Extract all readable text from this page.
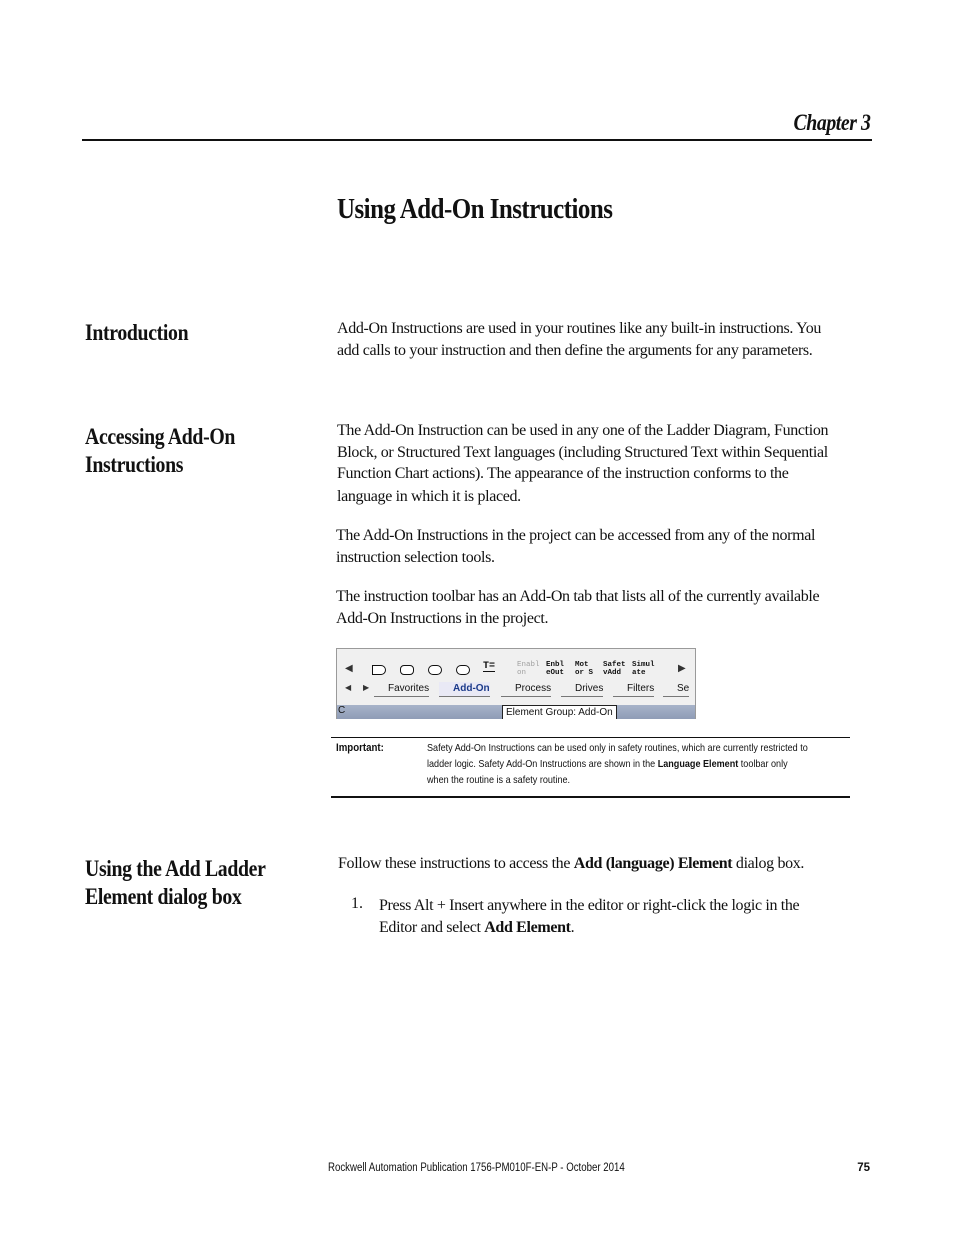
Chapter 3
Using Add-On Instructions
Introduction	Add-On Instructions are used in your routines like any built-in instructions. You
add calls to your instruction and then define the arguments for any parameters.
Accessing Add-On
Instructions
The Add-On Instruction can be used in any one of the Ladder Diagram, Function
Block, or Structured Text languages (including Structured Text within Sequential
Function Chart actions). The appearance of the instruction conforms to the
language in which it is placed.
The Add-On Instructions in the project can be accessed from any of the normal
instruction selection tools.
The instruction toolbar has an Add-On tab that lists all of the currently available
Add-On Instructions in the project.
◀	T=	Enabl
on
Enbl
eOut
Mot
or S
Safet
vAdd
Simul
ate	▶
◀ ▶	Favorites	Add-On	Process	Drives	Filters	Se
C	Element Group: Add-On
Important:	Safety Add-On Instructions can be used only in safety routines, which are currently restricted to
ladder logic. Safety Add-On Instructions are shown in the Language Element toolbar only
when the routine is a safety routine.
Using the Add Ladder
Element dialog box
Follow these instructions to access the Add (language) Element dialog box.
1. Press Alt + Insert anywhere in the editor or right-click the logic in the
Editor and select Add Element.
Rockwell Automation Publication 1756-PM010F-EN-P - October 2014	75
